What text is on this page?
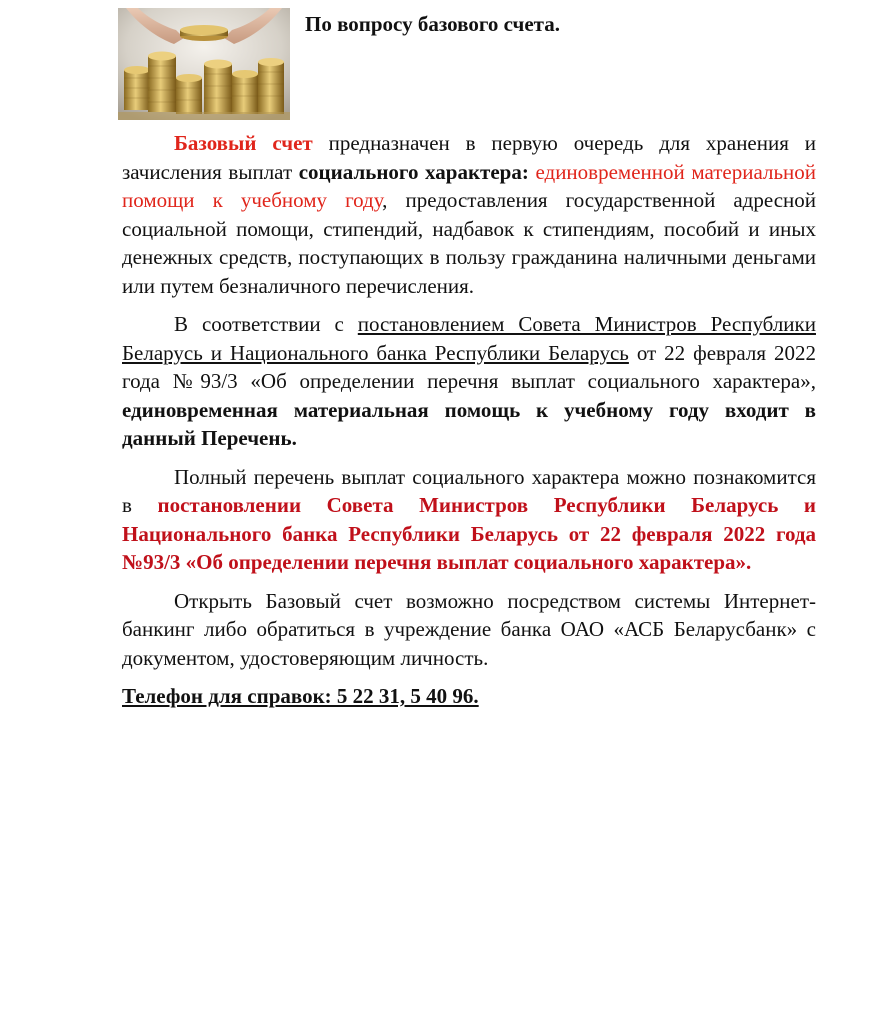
По вопросу базового счета.

Базовый счет предназначен в первую очередь для хранения и зачисления выплат социального характера: единовременной материальной помощи к учебному году, предоставления государственной адресной социальной помощи, стипендий, надбавок к стипендиям, пособий и иных денежных средств, поступающих в пользу гражданина наличными деньгами или путем безналичного перечисления.

В соответствии с постановлением Совета Министров Республики Беларусь и Национального банка Республики Беларусь от 22 февраля 2022 года №93/3 «Об определении перечня выплат социального характера», единовременная материальная помощь к учебному году входит в данный Перечень.

Полный перечень выплат социального характера можно познакомится в постановлении Совета Министров Республики Беларусь и Национального банка Республики Беларусь от 22 февраля 2022 года №93/3 «Об определении перечня выплат социального характера».

Открыть Базовый счет возможно посредством системы Интернет-банкинг либо обратиться в учреждение банка ОАО «АСБ Беларусбанк» с документом, удостоверяющим личность.

Телефон для справок: 5 22 31, 5 40 96.
